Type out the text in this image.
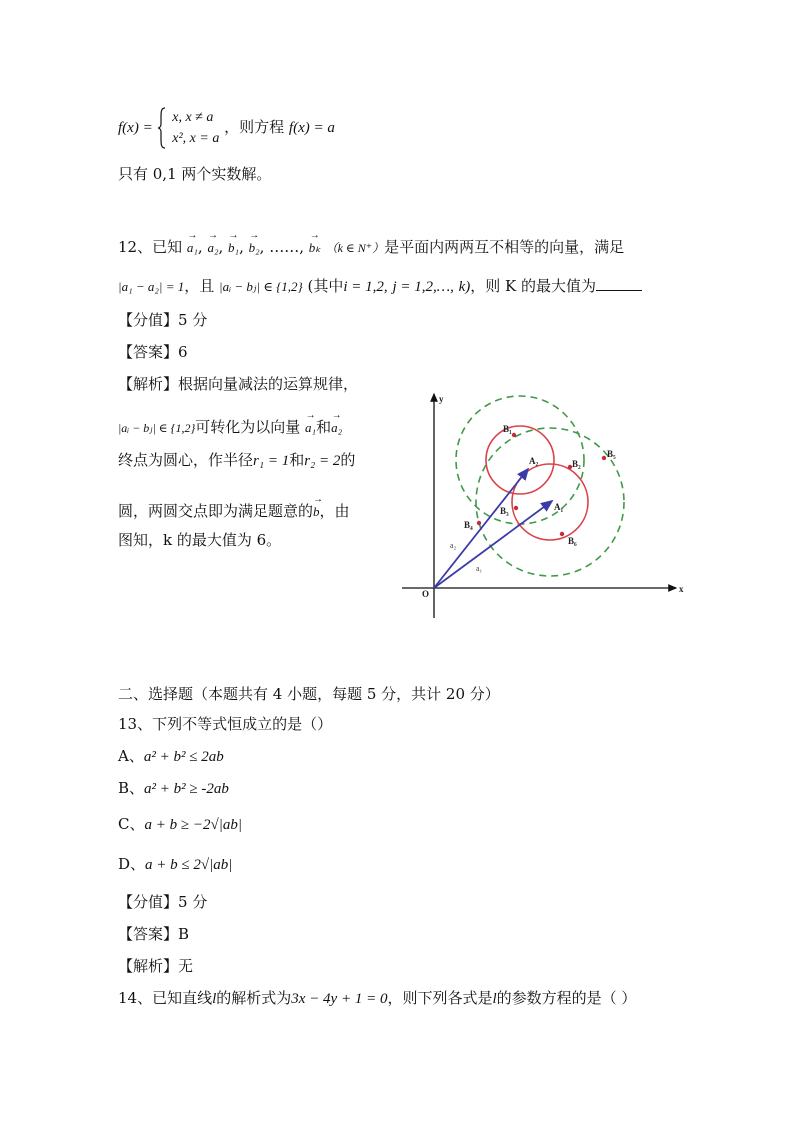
f(x) =
x, x ≠ a
x², x = a
，则方程 f(x) = a
只有 0,1 两个实数解。
12、已知 → a₁, → a₂, → b₁, → b₂, ……, → bₖ （k ∈ N⁺）是平面内两两互不相等的向量，满足
|a₁ − a₂| = 1，且 |aᵢ − bⱼ| ∈ {1,2} (其中i = 1,2, j = 1,2,…, k)，则 K 的最大值为
【分值】5 分
【答案】6
【解析】根据向量减法的运算规律，
|aᵢ − bⱼ| ∈ {1,2}可转化为以向量 → a₁和→ a₂
终点为圆心，作半径r₁ = 1和r₂ = 2的
圆，两圆交点即为满足题意的→ b，由
图知，k 的最大值为 6。
y
x
O
B₁
A₂	B₂
B₃
B₄
A₁
B₅
B₆
a₂
a₁
二、选择题（本题共有 4 小题，每题 5 分，共计 20 分）
13、下列不等式恒成立的是（）
A、a² + b² ≤ 2ab
B、a² + b² ≥ -2ab
C、a + b ≥ −2√|ab|
D、a + b ≤ 2√|ab|
【分值】5 分
【答案】B
【解析】无
14、已知直线l的解析式为3x − 4y + 1 = 0，则下列各式是l的参数方程的是（ ）
